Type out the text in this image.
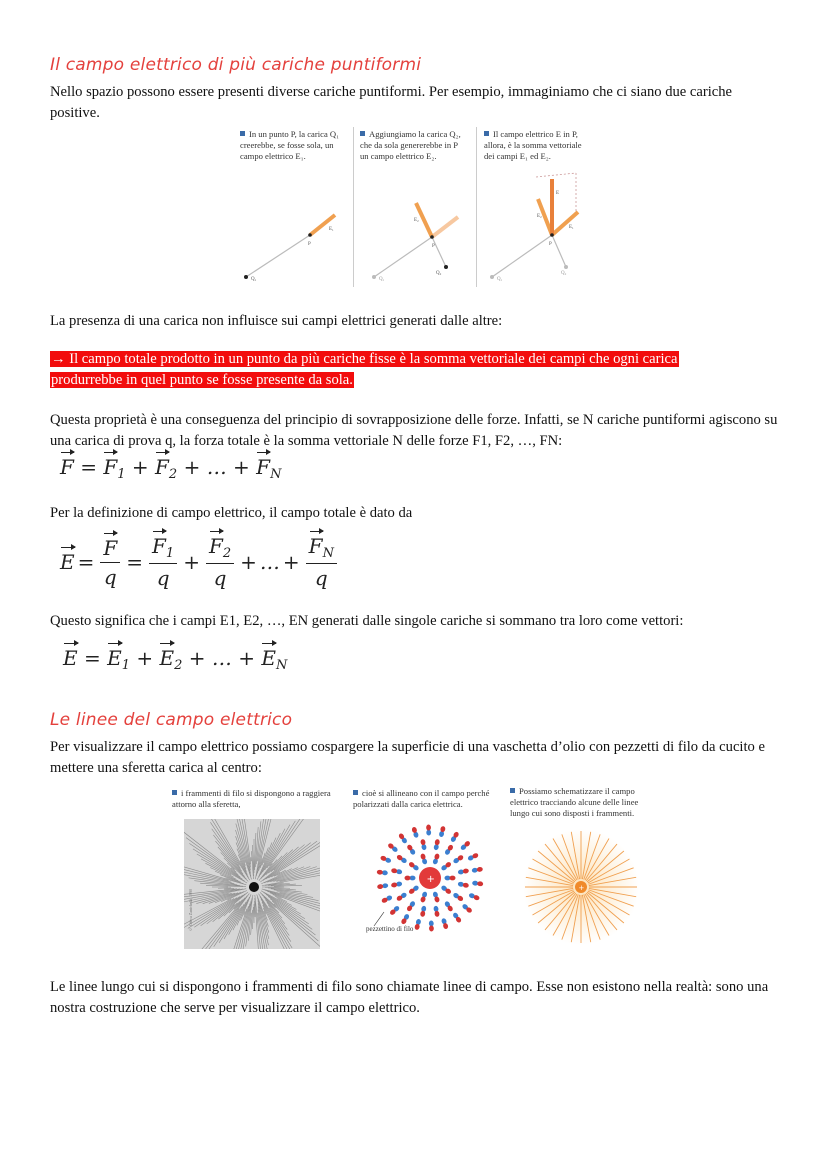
Il campo elettrico di più cariche puntiformi
Nello spazio possono essere presenti diverse cariche puntiformi. Per esempio, immaginiamo che ci siano due cariche positive.
In un punto P, la carica Q₁ creerebbe, se fosse sola, un campo elettrico E₁.
Aggiungiamo la carica Q₂, che da sola genererebbe in P un campo elettrico E₂.
Il campo elettrico E in P, allora, è la somma vettoriale dei campi E₁ ed E₂.
P
Q₁
E₁
P
Q₁
Q₂
E₂
P
Q₁
Q₂
E
E₂
E₁
La presenza di una carica non influisce sui campi elettrici generati dalle altre:
→ Il campo totale prodotto in un punto da più cariche fisse è la somma vettoriale dei campi che ogni carica
produrrebbe in quel punto se fosse presente da sola.
Questa proprietà è una conseguenza del principio di sovrapposizione delle forze. Infatti, se N cariche puntiformi agiscono su una carica di prova q, la forza totale è la somma vettoriale N delle forze F1, F2, …, FN:
$F = F_1 + F_2$ + … + $F_N$
Per la definizione di campo elettrico, il campo totale è dato da
$E = \frac{F}{q} = \frac{F_1}{q} + \frac{F_2}{q}$ + … + $\frac{F_N}{q}$
Questo significa che i campi E1, E2, …, EN generati dalle singole cariche si sommano tra loro come vettori:
$E = E_1 + E_2$ + … + $E_N$
Le linee del campo elettrico
Per visualizzare il campo elettrico possiamo cospargere la superficie di una vaschetta d’olio con pezzetti di filo da cucito e mettere una sferetta carica al centro:
i frammenti di filo si dispongono a raggiera attorno alla sferetta,
cioè si allineano con il campo perché polarizzati dalla carica elettrica.
Possiamo schematizzare il campo elettrico tracciando alcune delle linee lungo cui sono disposti i frammenti.
© Ottica Zanichelli, 1990
+
pezzettino di filo
+
Le linee lungo cui si dispongono i frammenti di filo sono chiamate linee di campo. Esse non esistono nella realtà: sono una nostra costruzione che serve per visualizzare il campo elettrico.
